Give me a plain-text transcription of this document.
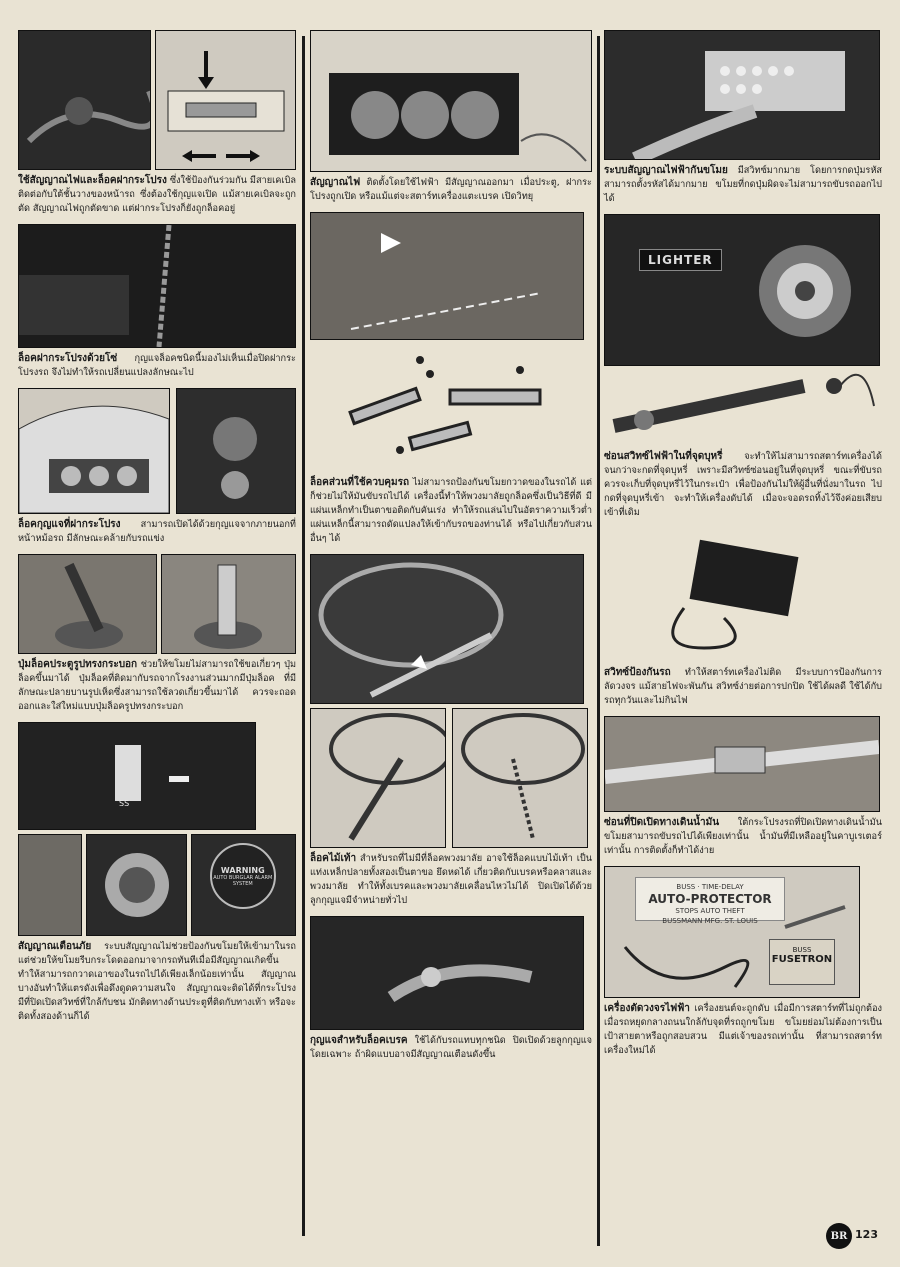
ใช้สัญญาณไฟและล็อคฝากระโปรง ซึ่งใช้ป้องกันร่วมกัน มีสายเคเบิลติดต่อกับใต้ชั้นวางของหน้ารถ ซึ่งต้องใช้กุญแจเปิด แม้สายเคเบิลจะถูกตัด สัญญาณไฟถูกตัดขาด แต่ฝากระโปรงก็ยังถูกล็อคอยู่

ล็อคฝากระโปรงด้วยโซ่ กุญแจล็อคชนิดนี้มองไม่เห็นเมื่อปิดฝากระโปรงรถ จึงไม่ทำให้รถเปลี่ยนแปลงลักษณะไป

ล็อคกุญแจที่ฝากระโปรง สามารถเปิดได้ด้วยกุญแจจากภายนอกที่หน้าหม้อรถ มีลักษณะคล้ายกับรถแข่ง

ปุ่มล็อคประตูรูปทรงกระบอก ช่วยให้ขโมยไม่สามารถใช้ขอเกี่ยวๆ ปุ่มล็อคขึ้นมาได้ ปุ่มล็อคที่ติดมากับรถจากโรงงานส่วนมากมีปุ่มล็อค ที่มีลักษณะปลายบานรูปเห็ดซึ่งสามารถใช้ลวดเกี่ยวขึ้นมาได้ ควรจะถอดออกและใส่ใหม่แบบปุ่มล็อครูปทรงกระบอก

SS
WARNING
AUTO BURGLAR ALARM SYSTEM

สัญญาณเตือนภัย ระบบสัญญาณไม่ช่วยป้องกันขโมยให้เข้ามาในรถ แต่ช่วยให้ขโมยรีบกระโดดออกมาจากรถทันทีเมื่อมีสัญญาณเกิดขึ้น ทำให้สามารถกวาดเอาของในรถไปได้เพียงเล็กน้อยเท่านั้น สัญญาณบางอันทำให้แตรดังเพื่อดึงดูดความสนใจ สัญญาณจะติดได้ที่กระโปรง มีที่ปิดเปิดสวิทซ์ที่ใกล้กับชน มักติดทางด้านประตูที่ติดกับทางเท้า หรือจะติดทั้งสองด้านก็ได้

สัญญาณไฟ ติดตั้งโดยใช้ไฟฟ้า มีสัญญาณออกมา เมื่อประตู, ฝากระโปรงถูกเปิด หรือแม้แต่จะสตาร์ทเครื่องแตะเบรค เปิดวิทยุ

ล็อคส่วนที่ใช้ควบคุมรถ ไม่สามารถป้องกันขโมยกวาดของในรถได้ แต่ก็ช่วยไม่ให้มันขับรถไปได้ เครื่องนี้ทำให้พวงมาลัยถูกล็อคซึ่งเป็นวิธีที่ดี มีแผ่นเหล็กทำเป็นตาขอติดกับคันเร่ง ทำให้รถแล่นไปในอัตราความเร็วต่ำ แผ่นเหล็กนี้สามารถดัดแปลงให้เข้ากับรถของท่านได้ หรือไปเกี่ยวกับส่วนอื่นๆ ได้

ล็อคไม้เท้า สำหรับรถที่ไม่มีที่ล็อคพวงมาลัย อาจใช้ล็อคแบบไม้เท้า เป็นแท่งเหล็กปลายทั้งสองเป็นตาขอ ยึดหดได้ เกี่ยวติดกับเบรคหรือคลาสและพวงมาลัย ทำให้ทั้งเบรคและพวงมาลัยเคลื่อนไหวไม่ได้ ปิดเปิดได้ด้วยลูกกุญแจมีจำหน่ายทั่วไป

กุญแจสำหรับล็อคเบรค ใช้ได้กับรถแทบทุกชนิด ปิดเปิดด้วยลูกกุญแจโดยเฉพาะ ถ้าผิดแบบอาจมีสัญญาณเตือนดังขึ้น

ระบบสัญญาณไฟฟ้ากันขโมย มีสวิทซ์มากมาย โดยการกดปุ่มรหัส สามารถตั้งรหัสได้มากมาย ขโมยที่กดปุ่มผิดจะไม่สามารถขับรถออกไปได้

LIGHTER

ซ่อนสวิทซ์ไฟฟ้าในที่จุดบุหรี่ จะทำให้ไม่สามารถสตาร์ทเครื่องได้ จนกว่าจะกดที่จุดบุหรี่ เพราะมีสวิทซ์ซ่อนอยู่ในที่จุดบุหรี่ ขณะที่ขับรถควรจะเก็บที่จุดบุหรี่ไว้ในกระเป๋า เพื่อป้องกันไม่ให้ผู้อื่นที่นั่งมาในรถ ไปกดที่จุดบุหรี่เข้า จะทำให้เครื่องดับได้ เมื่อจะจอดรถทิ้งไว้จึงค่อยเสียบเข้าที่เดิม

สวิทซ์ป้องกันรถ ทำให้สตาร์ทเครื่องไม่ติด มีระบบการป้องกันการลัดวงจร แม้สายไฟจะพันกัน สวิทซ์ง่ายต่อการปกปิด ใช้ได้ผลดี ใช้ได้กับรถทุกวันและไม่กินไฟ

ซ่อนที่ปิดเปิดทางเดินน้ำมัน ใต้กระโปรงรถที่ปิดเปิดทางเดินน้ำมัน ขโมยสามารถขับรถไปได้เพียงเท่านั้น น้ำมันที่มีเหลืออยู่ในคาบูเรเตอร์เท่านั้น การติดตั้งก็ทำได้ง่าย

BUSS · TIME-DELAY
AUTO-PROTECTOR
STOPS AUTO THEFT
BUSSMANN MFG. ST. LOUIS
BUSS
FUSETRON

เครื่องตัดวงจรไฟฟ้า เครื่องยนต์จะถูกดับ เมื่อมีการสตาร์ทที่ไม่ถูกต้อง เมื่อรถหยุดกลางถนนใกล้กับจุดที่รถถูกขโมย ขโมยย่อมไม่ต้องการเป็นเป้าสายตาหรือถูกสอบสวน มีแต่เจ้าของรถเท่านั้น ที่สามารถสตาร์ทเครื่องใหม่ได้

BR 123
